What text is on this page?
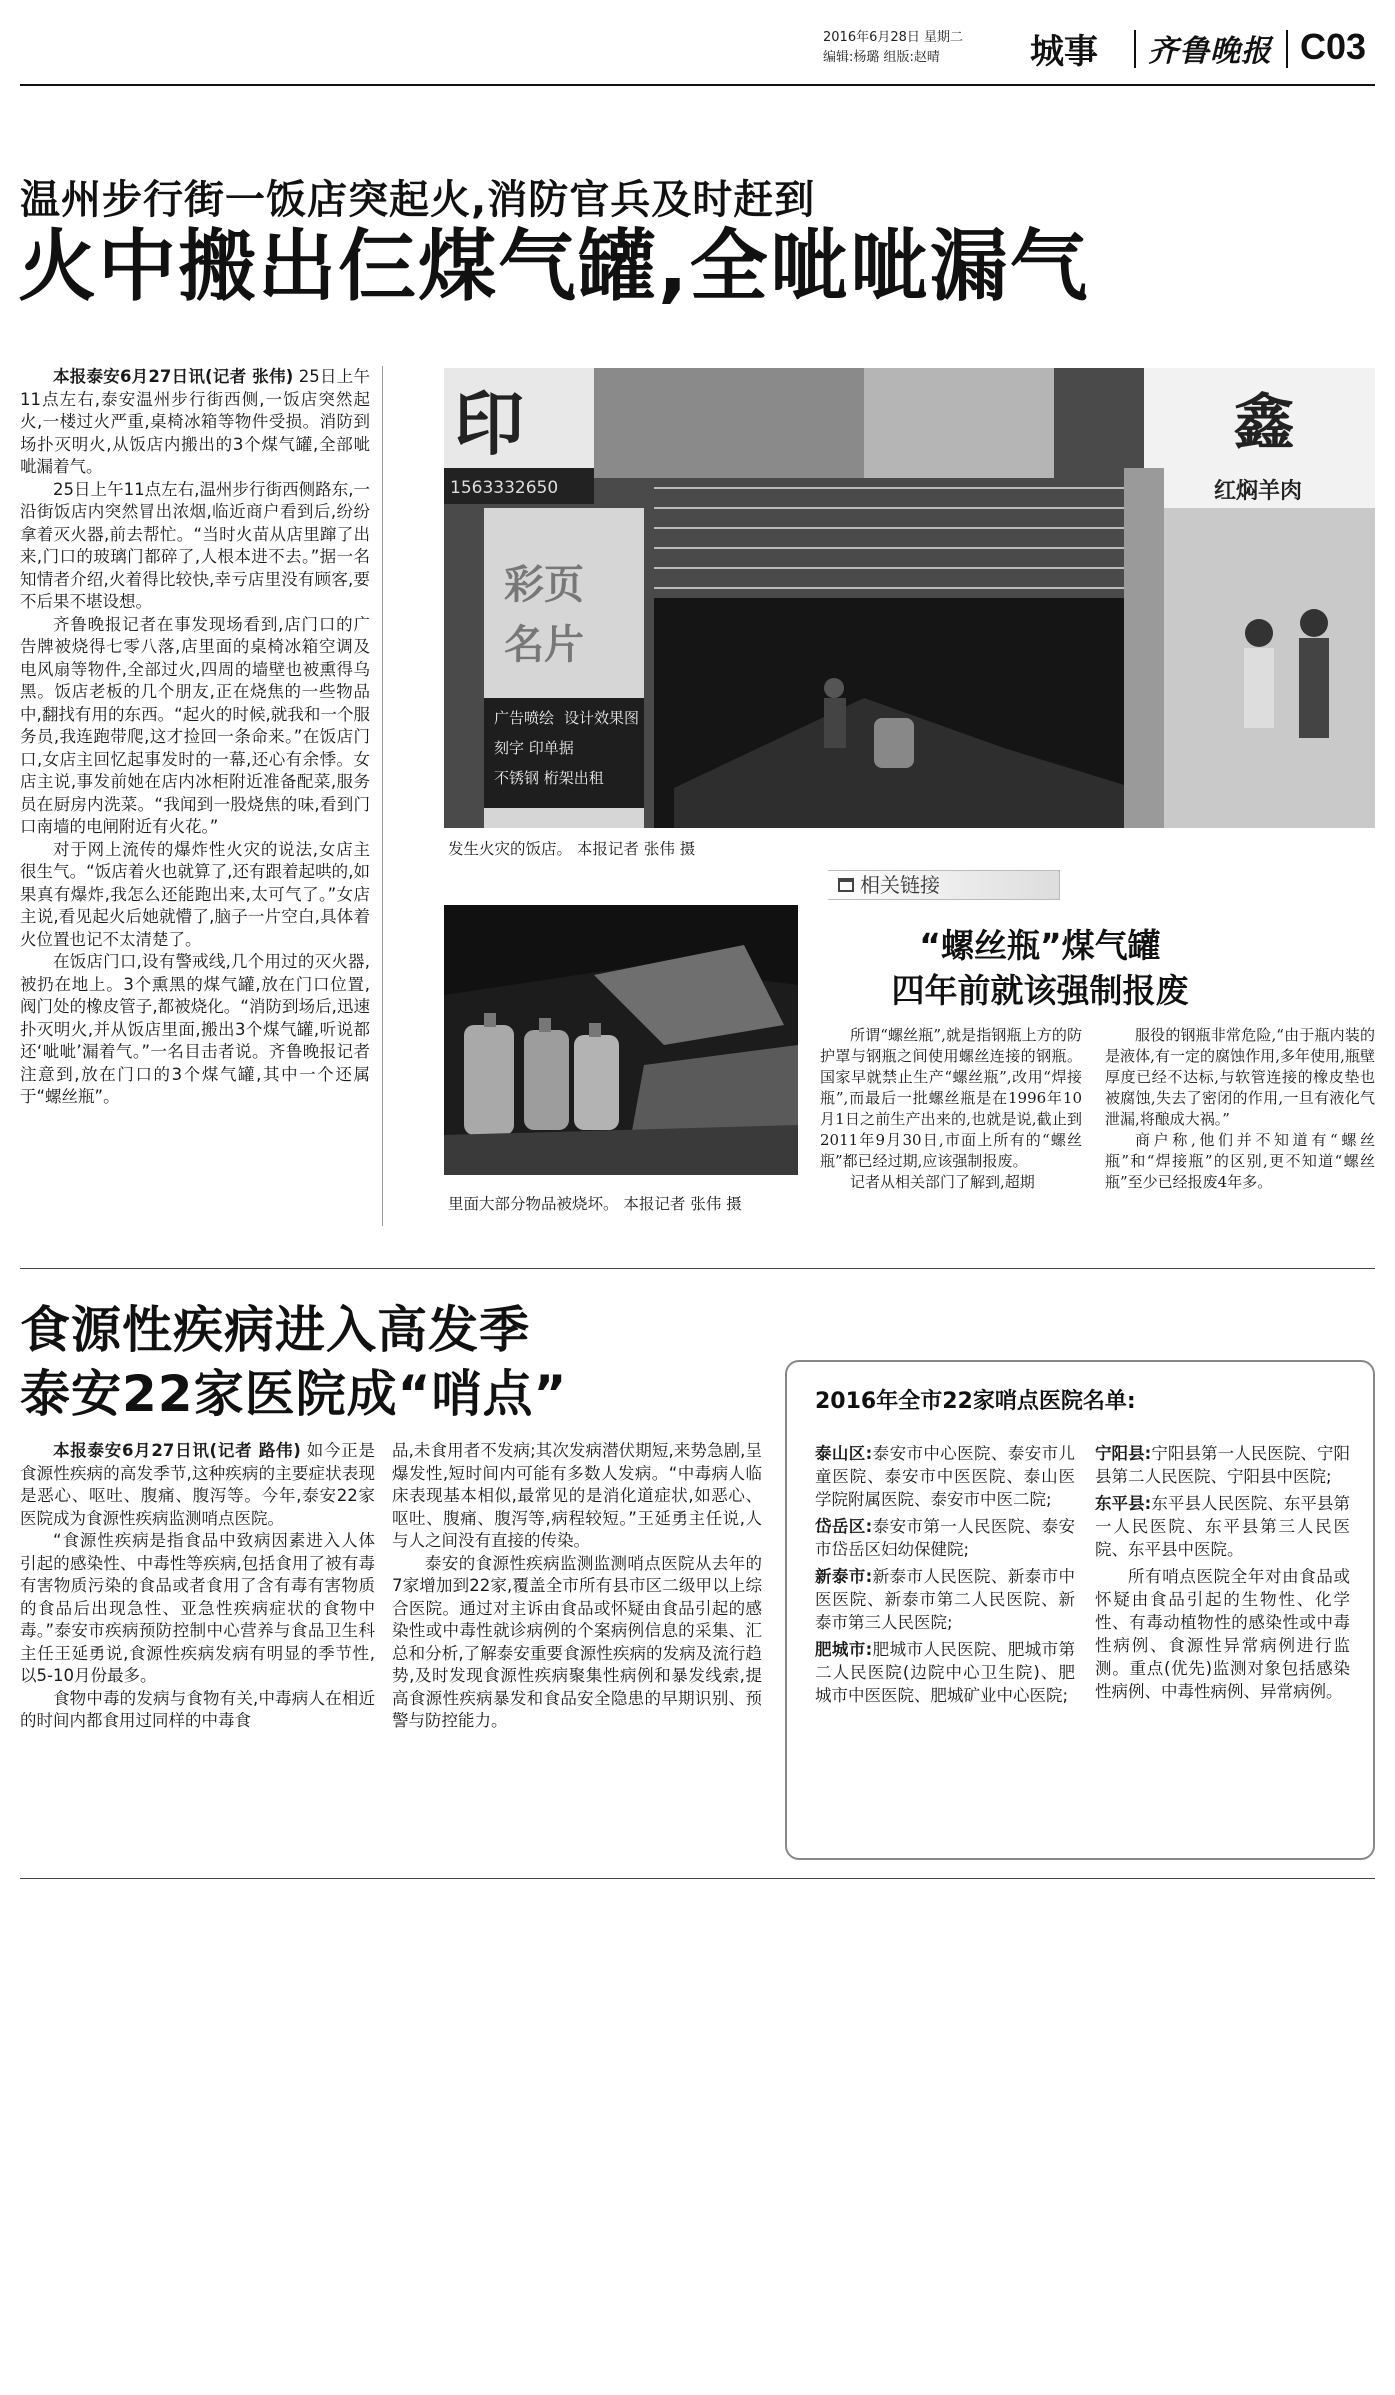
2016年6月28日 星期二
编辑:杨璐 组版:赵晴	城事 齐鲁晚报 C03
温州步行街一饭店突起火,消防官兵及时赶到
火中搬出仨煤气罐,全呲呲漏气

本报泰安6月27日讯(记者 张伟) 25日上午11点左右,泰安温州步行街西侧,一饭店突然起火,一楼过火严重,桌椅冰箱等物件受损。消防到场扑灭明火,从饭店内搬出的3个煤气罐,全部呲呲漏着气。

25日上午11点左右,温州步行街西侧路东,一沿街饭店内突然冒出浓烟,临近商户看到后,纷纷拿着灭火器,前去帮忙。“当时火苗从店里蹿了出来,门口的玻璃门都碎了,人根本进不去。”据一名知情者介绍,火着得比较快,幸亏店里没有顾客,要不后果不堪设想。

齐鲁晚报记者在事发现场看到,店门口的广告牌被烧得七零八落,店里面的桌椅冰箱空调及电风扇等物件,全部过火,四周的墙壁也被熏得乌黑。饭店老板的几个朋友,正在烧焦的一些物品中,翻找有用的东西。“起火的时候,就我和一个服务员,我连跑带爬,这才捡回一条命来。”在饭店门口,女店主回忆起事发时的一幕,还心有余悸。女店主说,事发前她在店内冰柜附近准备配菜,服务员在厨房内洗菜。“我闻到一股烧焦的味,看到门口南墙的电闸附近有火花。”

对于网上流传的爆炸性火灾的说法,女店主很生气。“饭店着火也就算了,还有跟着起哄的,如果真有爆炸,我怎么还能跑出来,太可气了。”女店主说,看见起火后她就懵了,脑子一片空白,具体着火位置也记不太清楚了。

在饭店门口,设有警戒线,几个用过的灭火器,被扔在地上。3个熏黑的煤气罐,放在门口位置,阀门处的橡皮管子,都被烧化。“消防到场后,迅速扑灭明火,并从饭店里面,搬出3个煤气罐,听说都还‘呲呲’漏着气。”一名目击者说。齐鲁晚报记者注意到,放在门口的3个煤气罐,其中一个还属于“螺丝瓶”。

印
1563332650
鑫
红焖羊肉
彩页
名片
广告喷绘 设计效果图
刻字 印单据
不锈钢 桁架出租
发生火灾的饭店。 本报记者 张伟 摄
里面大部分物品被烧坏。 本报记者 张伟 摄
相关链接
“螺丝瓶”煤气罐
四年前就该强制报废

所谓“螺丝瓶”,就是指钢瓶上方的防护罩与钢瓶之间使用螺丝连接的钢瓶。国家早就禁止生产“螺丝瓶”,改用“焊接瓶”,而最后一批螺丝瓶是在1996年10月1日之前生产出来的,也就是说,截止到2011年9月30日,市面上所有的“螺丝瓶”都已经过期,应该强制报废。

记者从相关部门了解到,超期

服役的钢瓶非常危险,“由于瓶内装的是液体,有一定的腐蚀作用,多年使用,瓶壁厚度已经不达标,与软管连接的橡皮垫也被腐蚀,失去了密闭的作用,一旦有液化气泄漏,将酿成大祸。”

商户称,他们并不知道有“螺丝瓶”和“焊接瓶”的区别,更不知道“螺丝瓶”至少已经报废4年多。

食源性疾病进入高发季
泰安22家医院成“哨点”

本报泰安6月27日讯(记者 路伟) 如今正是食源性疾病的高发季节,这种疾病的主要症状表现是恶心、呕吐、腹痛、腹泻等。今年,泰安22家医院成为食源性疾病监测哨点医院。

“食源性疾病是指食品中致病因素进入人体引起的感染性、中毒性等疾病,包括食用了被有毒有害物质污染的食品或者食用了含有毒有害物质的食品后出现急性、亚急性疾病症状的食物中毒。”泰安市疾病预防控制中心营养与食品卫生科主任王延勇说,食源性疾病发病有明显的季节性,以5-10月份最多。

食物中毒的发病与食物有关,中毒病人在相近的时间内都食用过同样的中毒食

品,未食用者不发病;其次发病潜伏期短,来势急剧,呈爆发性,短时间内可能有多数人发病。“中毒病人临床表现基本相似,最常见的是消化道症状,如恶心、呕吐、腹痛、腹泻等,病程较短。”王延勇主任说,人与人之间没有直接的传染。

泰安的食源性疾病监测监测哨点医院从去年的7家增加到22家,覆盖全市所有县市区二级甲以上综合医院。通过对主诉由食品或怀疑由食品引起的感染性或中毒性就诊病例的个案病例信息的采集、汇总和分析,了解泰安重要食源性疾病的发病及流行趋势,及时发现食源性疾病聚集性病例和暴发线索,提高食源性疾病暴发和食品安全隐患的早期识别、预警与防控能力。

2016年全市22家哨点医院名单:

泰山区:泰安市中心医院、泰安市儿童医院、泰安市中医医院、泰山医学院附属医院、泰安市中医二院;

岱岳区:泰安市第一人民医院、泰安市岱岳区妇幼保健院;

新泰市:新泰市人民医院、新泰市中医医院、新泰市第二人民医院、新泰市第三人民医院;

肥城市:肥城市人民医院、肥城市第二人民医院(边院中心卫生院)、肥城市中医医院、肥城矿业中心医院;

宁阳县:宁阳县第一人民医院、宁阳县第二人民医院、宁阳县中医院;

东平县:东平县人民医院、东平县第一人民医院、东平县第三人民医院、东平县中医院。

所有哨点医院全年对由食品或怀疑由食品引起的生物性、化学性、有毒动植物性的感染性或中毒性病例、食源性异常病例进行监测。重点(优先)监测对象包括感染性病例、中毒性病例、异常病例。
